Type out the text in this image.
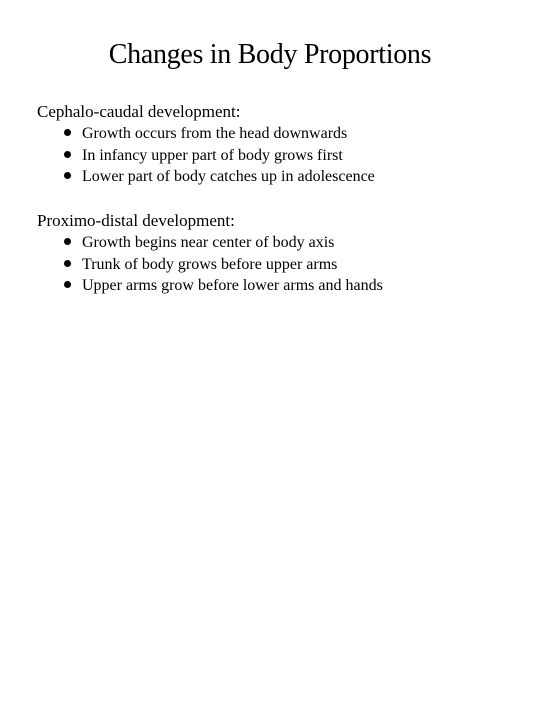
Changes in Body Proportions

Cephalo-caudal development:

Growth occurs from the head downwards
In infancy upper part of body grows first
Lower part of body catches up in adolescence

Proximo-distal development:

Growth begins near center of body axis
Trunk of body grows before upper arms
Upper arms grow before lower arms and hands
